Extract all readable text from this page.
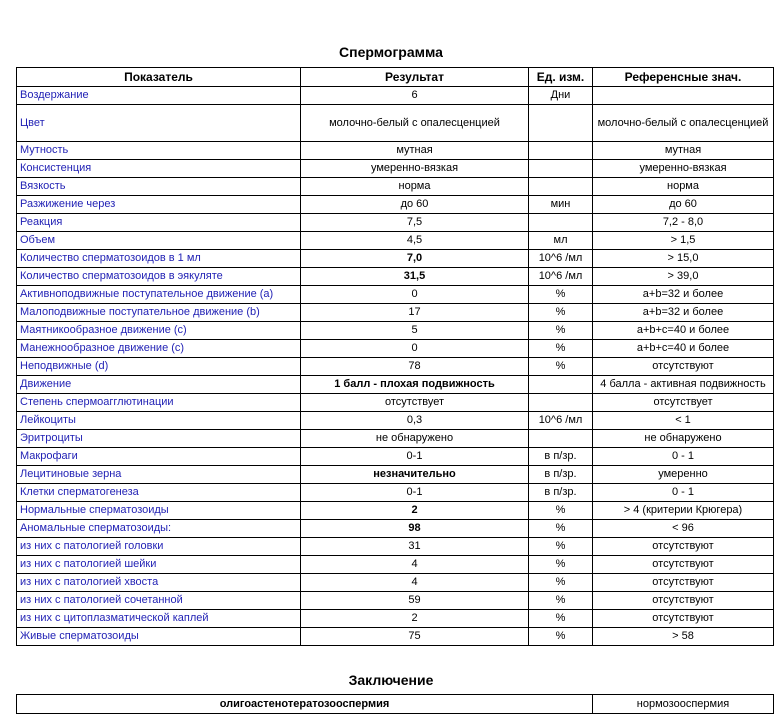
Спермограмма
Показатель	Результат	Ед. изм.	Референсные знач.
Воздержание	6	Дни	
Цвет	молочно-белый с опалесценцией		молочно-белый с опалесценцией
Мутность	мутная		мутная
Консистенция	умеренно-вязкая		умеренно-вязкая
Вязкость	норма		норма
Разжижение через	до 60	мин	до 60
Реакция	7,5		7,2 - 8,0
Объем	4,5	мл	> 1,5
Количество сперматозоидов в 1 мл	7,0	10^6 /мл	> 15,0
Количество сперматозоидов в эякуляте	31,5	10^6 /мл	> 39,0
Активноподвижные поступательное движение (a)	0	%	a+b=32 и более
Малоподвижные поступательное движение (b)	17	%	a+b=32 и более
Маятникообразное движение (c)	5	%	a+b+c=40 и более
Манежнообразное движение (c)	0	%	a+b+c=40 и более
Неподвижные (d)	78	%	отсутствуют
Движение	1 балл - плохая подвижность		4 балла - активная подвижность
Степень спермоагглютинации	отсутствует		отсутствует
Лейкоциты	0,3	10^6 /мл	< 1
Эритроциты	не обнаружено		не обнаружено
Макрофаги	0-1	в п/зр.	0 - 1
Лецитиновые зерна	незначительно	в п/зр.	умеренно
Клетки сперматогенеза	0-1	в п/зр.	0 - 1
Нормальные сперматозоиды	2	%	> 4 (критерии Крюгера)
Аномальные сперматозоиды:	98	%	< 96
из них с патологией головки	31	%	отсутствуют
из них с патологией шейки	4	%	отсутствуют
из них с патологией хвоста	4	%	отсутствуют
из них с патологией сочетанной	59	%	отсутствуют
из них с цитоплазматической каплей	2	%	отсутствуют
Живые сперматозоиды	75	%	> 58
Заключение
олигоастенотератозооспермия	нормозооспермия
